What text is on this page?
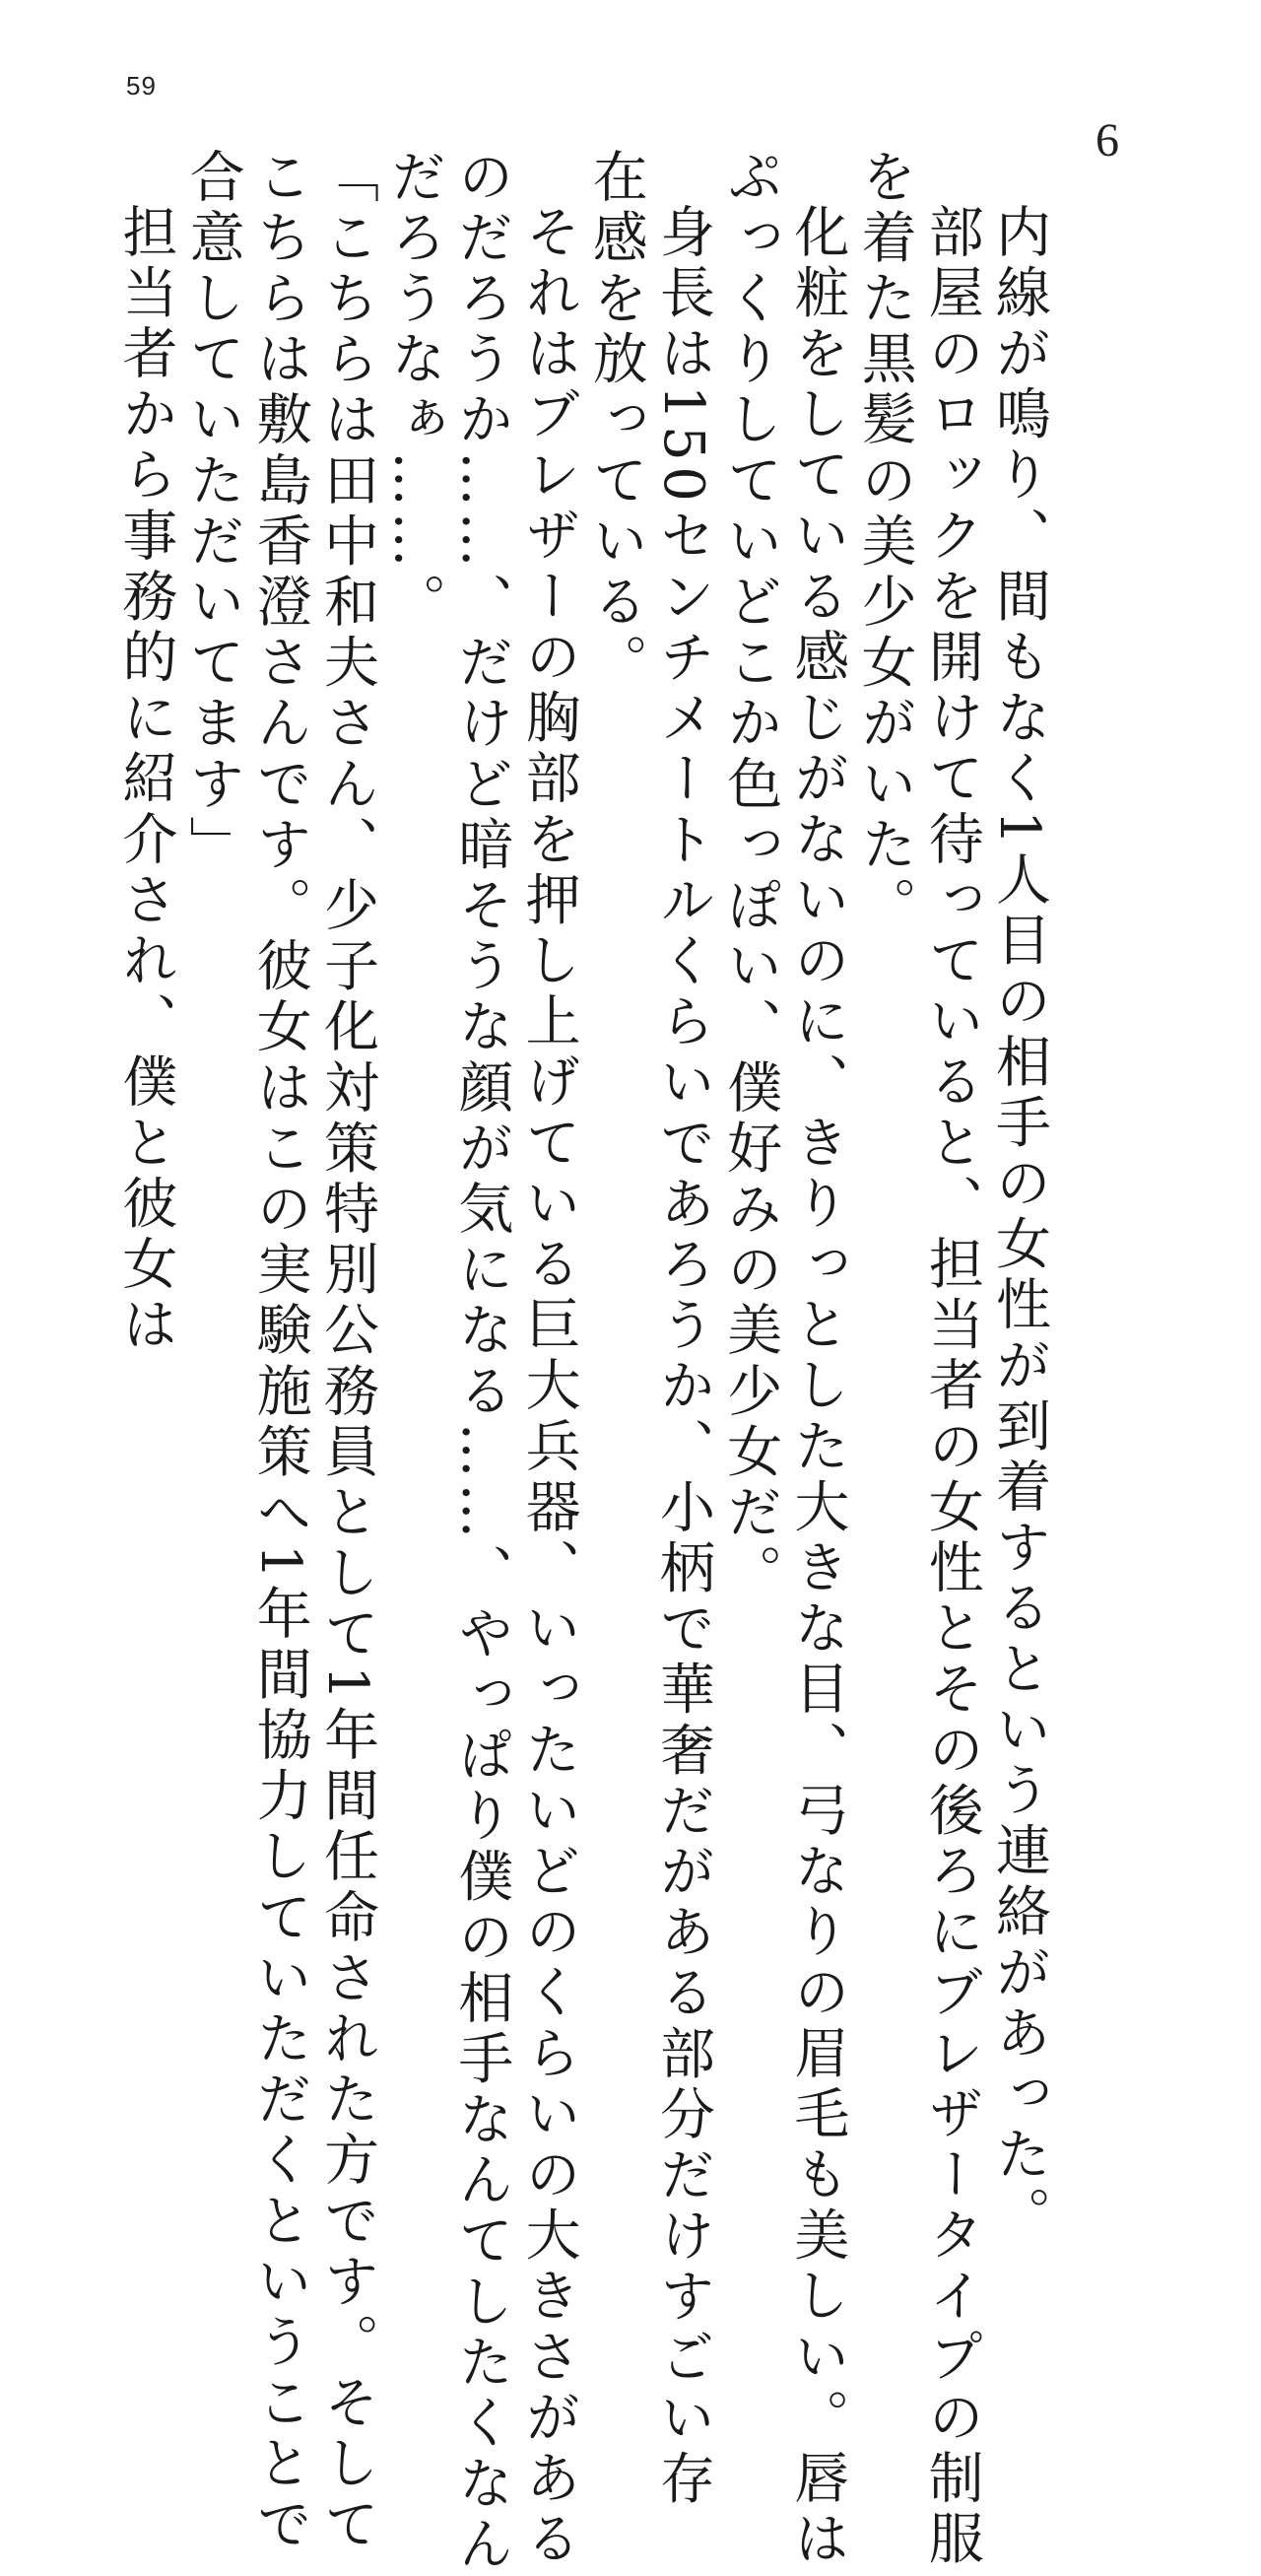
59
6

内線が鳴り、間もなく1人目の相手の女性が到着するという連絡があった。

部屋のロックを開けて待っていると、担当者の女性とその後ろにブレザータイプの制服

を着た黒髪の美少女がいた。

化粧をしている感じがないのに、きりっとした大きな目、弓なりの眉毛も美しい。唇は

ぷっくりしていどこか色っぽい、僕好みの美少女だ。

身長は150センチメートルくらいであろうか、小柄で華奢だがある部分だけすごい存

在感を放っている。

それはブレザーの胸部を押し上げている巨大兵器、いったいどのくらいの大きさがある

のだろうか……、だけど暗そうな顔が気になる……、やっぱり僕の相手なんてしたくなん

だろうなぁ……。

「こちらは田中和夫さん、少子化対策特別公務員として1年間任命された方です。そして

こちらは敷島香澄さんです。彼女はこの実験施策へ1年間協力していただくということで

合意していただいてます」

担当者から事務的に紹介され、僕と彼女は
